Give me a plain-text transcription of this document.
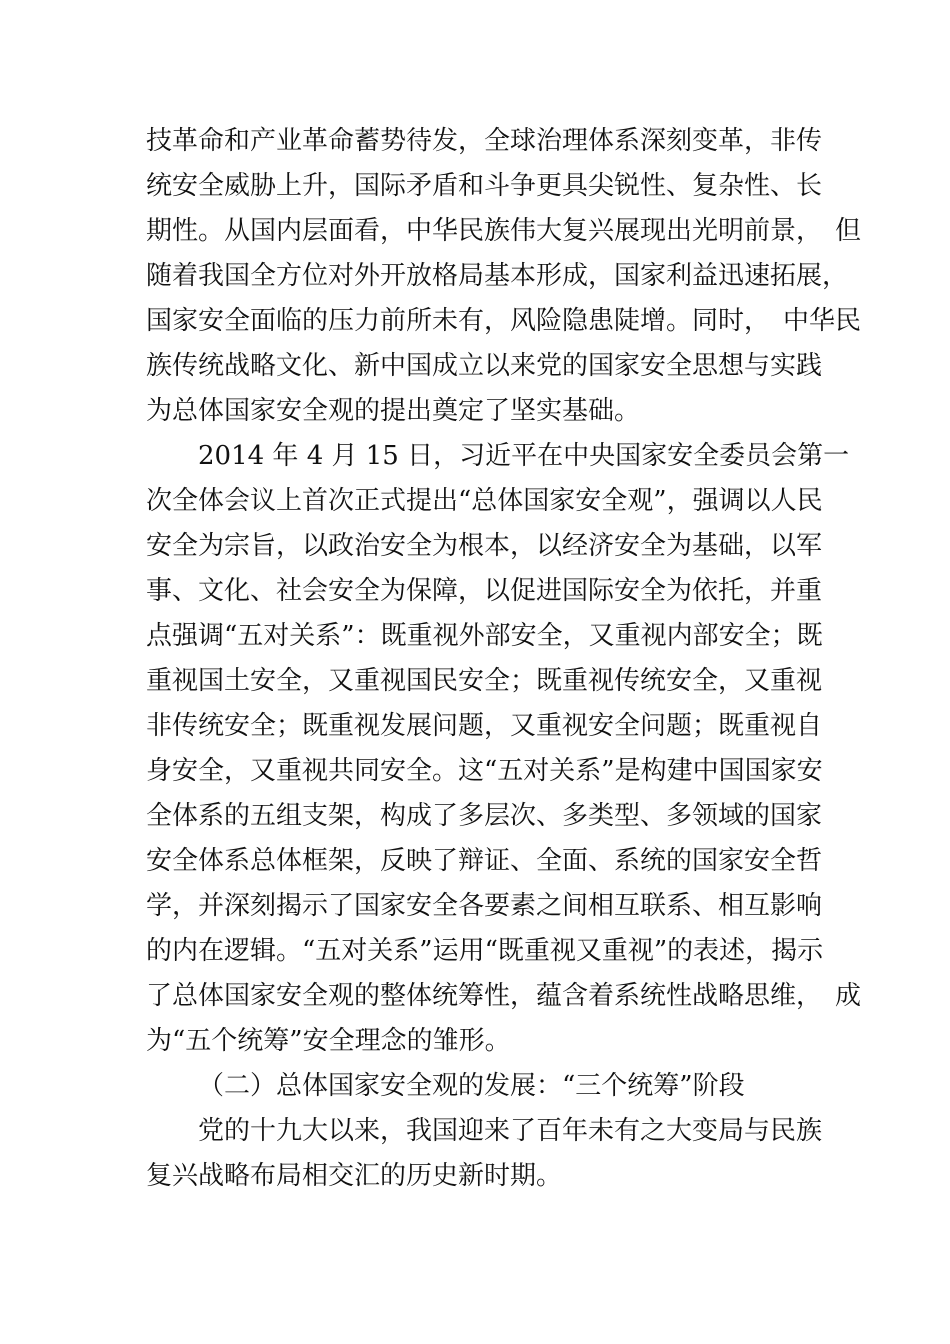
技革命和产业革命蓄势待发，全球治理体系深刻变革，非传
统安全威胁上升，国际矛盾和斗争更具尖锐性、复杂性、长
期性。从国内层面看，中华民族伟大复兴展现出光明前景，　但
随着我国全方位对外开放格局基本形成，国家利益迅速拓展，
国家安全面临的压力前所未有，风险隐患陡增。同时，　中华民
族传统战略文化、新中国成立以来党的国家安全思想与实践
为总体国家安全观的提出奠定了坚实基础。
2014 年 4 月 15 日，习近平在中央国家安全委员会第一
次全体会议上首次正式提出“总体国家安全观”，强调以人民
安全为宗旨，以政治安全为根本，以经济安全为基础，以军
事、文化、社会安全为保障，以促进国际安全为依托，并重
点强调“五对关系”：既重视外部安全，又重视内部安全；既
重视国土安全，又重视国民安全；既重视传统安全，又重视
非传统安全；既重视发展问题，又重视安全问题；既重视自
身安全，又重视共同安全。这“五对关系”是构建中国国家安
全体系的五组支架，构成了多层次、多类型、多领域的国家
安全体系总体框架，反映了辩证、全面、系统的国家安全哲
学，并深刻揭示了国家安全各要素之间相互联系、相互影响
的内在逻辑。“五对关系”运用“既重视又重视”的表述，揭示
了总体国家安全观的整体统筹性，蕴含着系统性战略思维，　成
为“五个统筹”安全理念的雏形。
（二）总体国家安全观的发展：“三个统筹”阶段
党的十九大以来，我国迎来了百年未有之大变局与民族
复兴战略布局相交汇的历史新时期。
